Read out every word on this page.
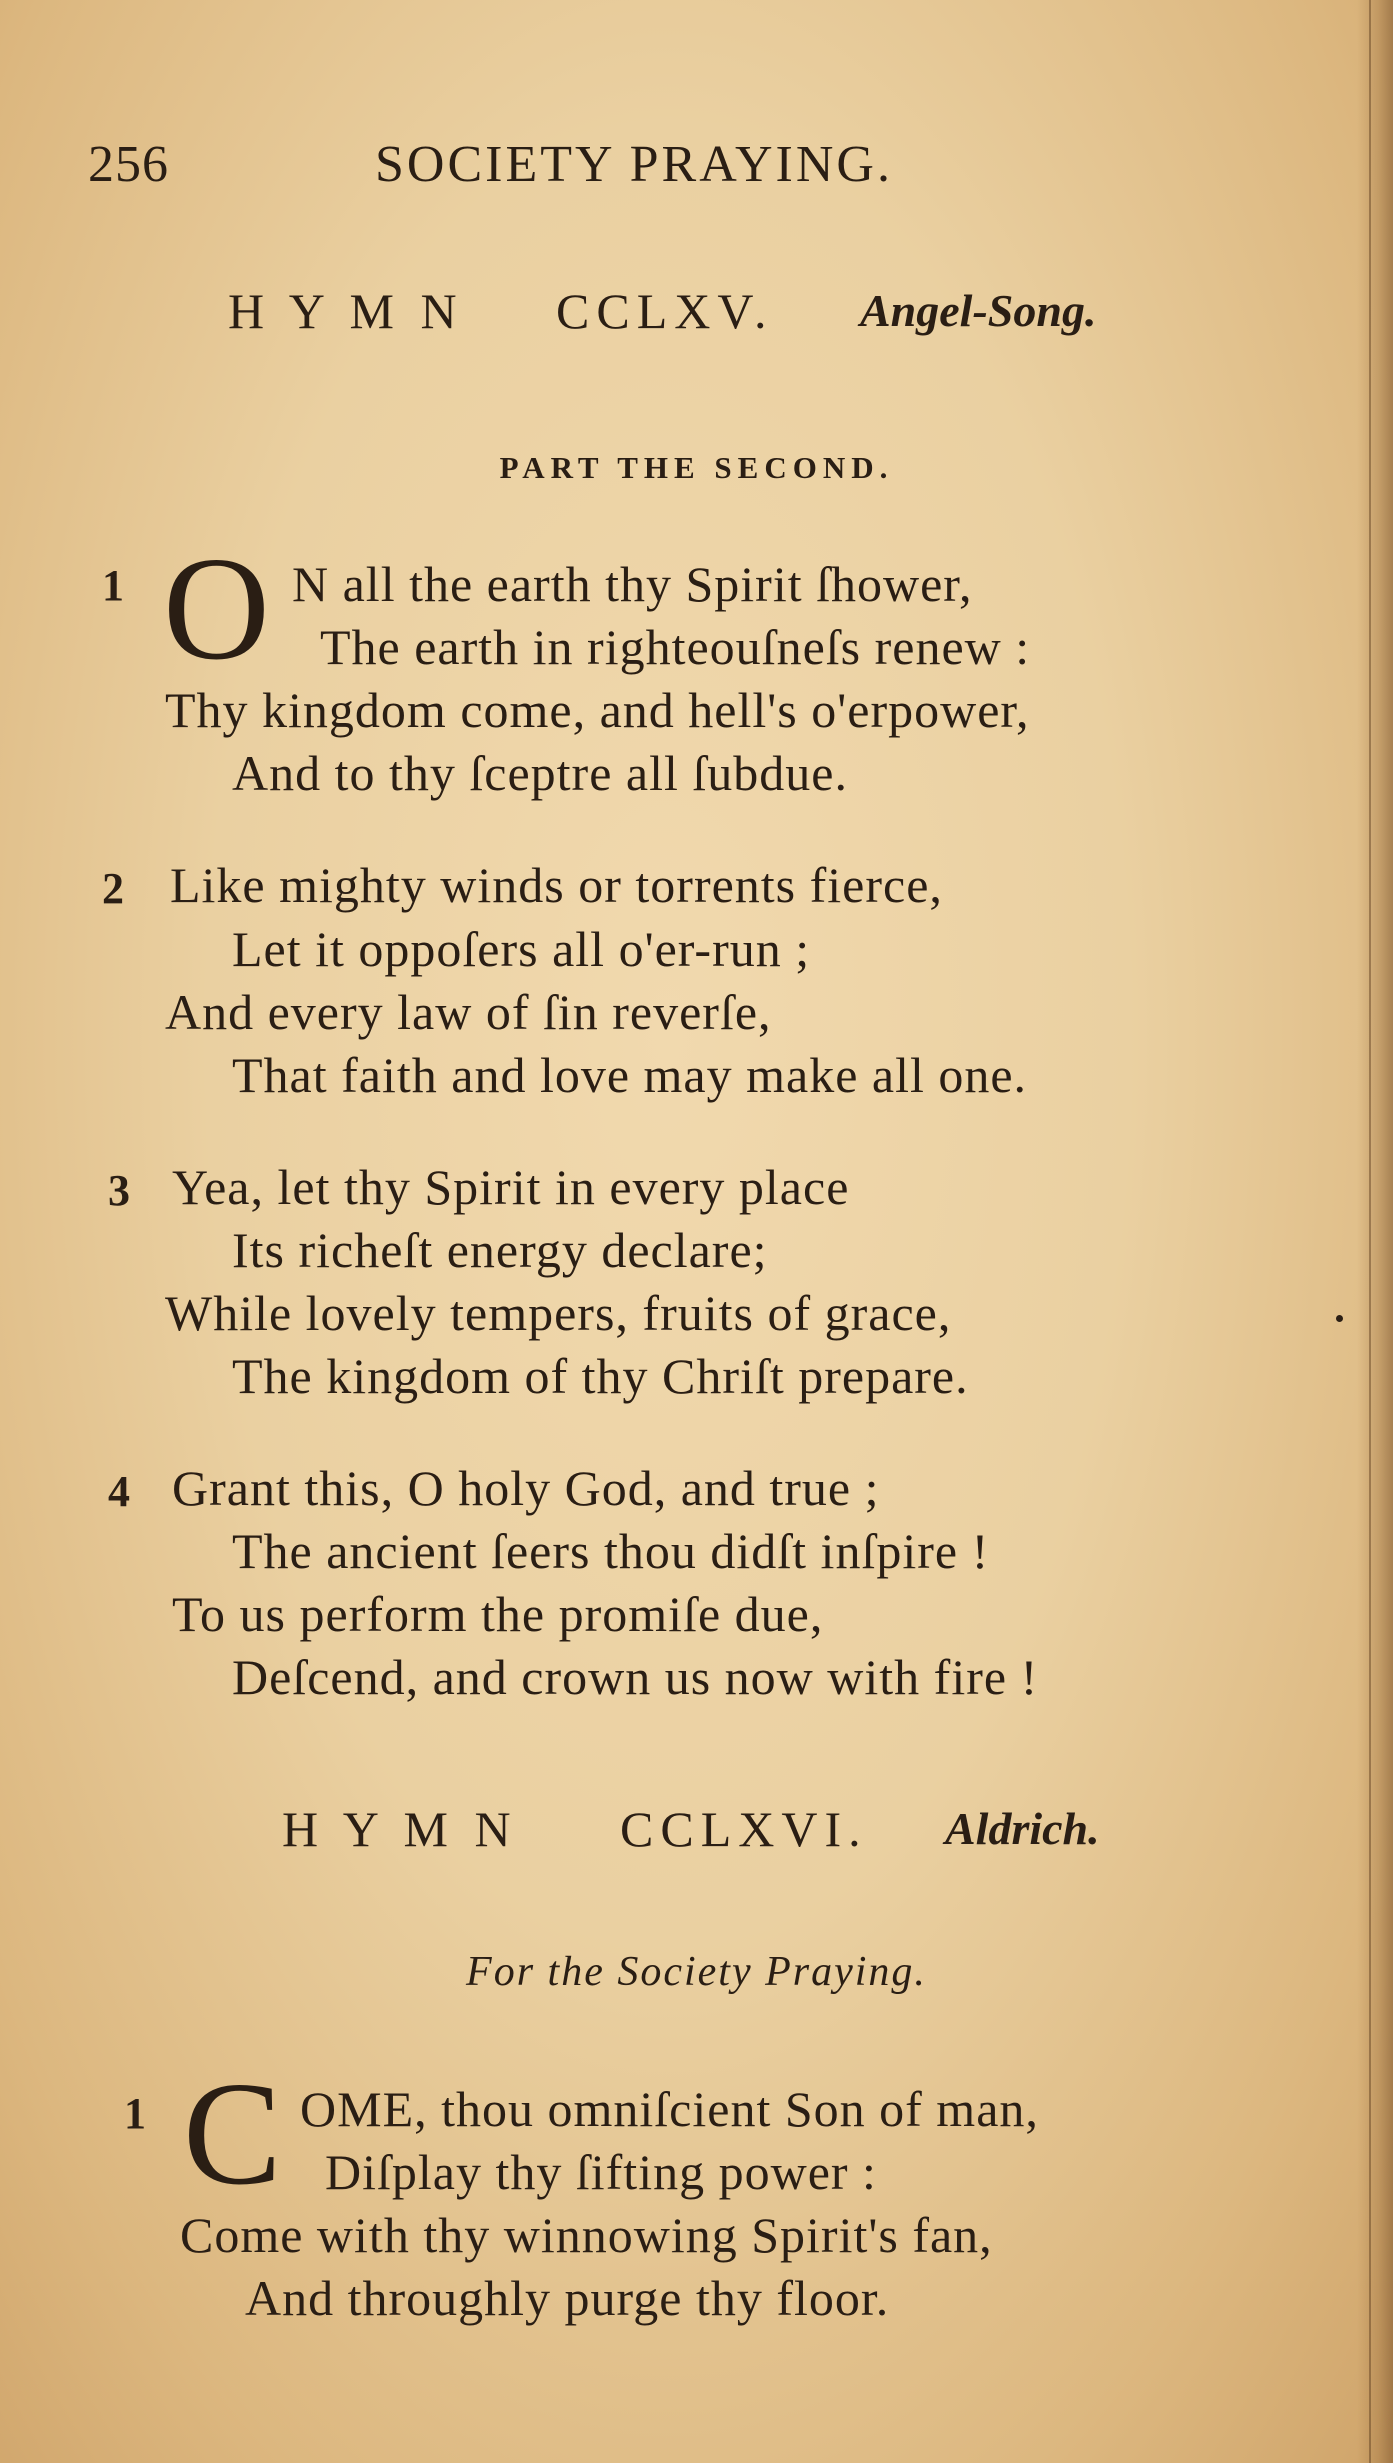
256	SOCIETY PRAYING.
H Y M N CCLXV. Angel-Song.
PART THE SECOND.
1 O N all the earth thy Spirit ſhower,
The earth in righteouſneſs renew :
Thy kingdom come, and hell's o'erpower,
And to thy ſceptre all ſubdue.
2 Like mighty winds or torrents fierce,
Let it oppoſers all o'er-run ;
And every law of ſin reverſe,
That faith and love may make all one.
3 Yea, let thy Spirit in every place
Its richeſt energy declare;
While lovely tempers, fruits of grace,
The kingdom of thy Chriſt prepare.
4 Grant this, O holy God, and true ;
The ancient ſeers thou didſt inſpire !
To us perform the promiſe due,
Deſcend, and crown us now with fire !
H Y M N CCLXVI. Aldrich.
For the Society Praying.
1 C OME, thou omniſcient Son of man,
Diſplay thy ſifting power :
Come with thy winnowing Spirit's fan,
And throughly purge thy floor.
